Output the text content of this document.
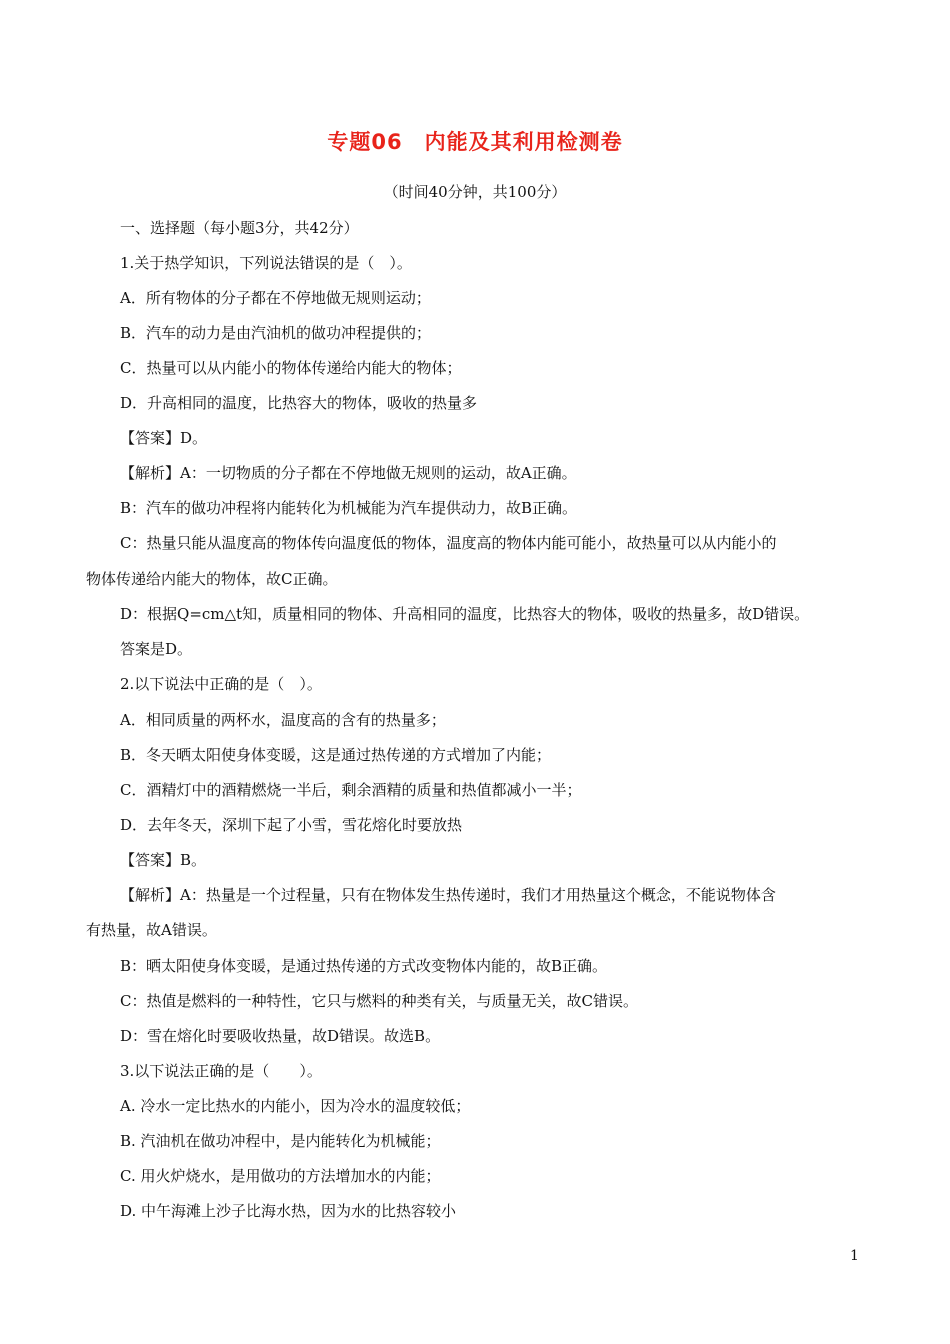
专题06　内能及其利用检测卷
（时间40分钟，共100分）
一、选择题（每小题3分，共42分）
1.关于热学知识，下列说法错误的是（　）。
A．所有物体的分子都在不停地做无规则运动；
B．汽车的动力是由汽油机的做功冲程提供的；
C．热量可以从内能小的物体传递给内能大的物体；
D．升高相同的温度，比热容大的物体，吸收的热量多
【答案】D。
【解析】A：一切物质的分子都在不停地做无规则的运动，故A正确。
B：汽车的做功冲程将内能转化为机械能为汽车提供动力，故B正确。
C：热量只能从温度高的物体传向温度低的物体，温度高的物体内能可能小，故热量可以从内能小的
物体传递给内能大的物体，故C正确。
D：根据Q=cm△t知，质量相同的物体、升高相同的温度，比热容大的物体，吸收的热量多，故D错误。
答案是D。
2.以下说法中正确的是（　）。
A．相同质量的两杯水，温度高的含有的热量多；
B．冬天晒太阳使身体变暖，这是通过热传递的方式增加了内能；
C．酒精灯中的酒精燃烧一半后，剩余酒精的质量和热值都减小一半；
D．去年冬天，深圳下起了小雪，雪花熔化时要放热
【答案】B。
【解析】A：热量是一个过程量，只有在物体发生热传递时，我们才用热量这个概念，不能说物体含
有热量，故A错误。
B：晒太阳使身体变暖，是通过热传递的方式改变物体内能的，故B正确。
C：热值是燃料的一种特性，它只与燃料的种类有关，与质量无关，故C错误。
D：雪在熔化时要吸收热量，故D错误。故选B。
3.以下说法正确的是（　　）。
A. 冷水一定比热水的内能小，因为冷水的温度较低；
B. 汽油机在做功冲程中，是内能转化为机械能；
C. 用火炉烧水，是用做功的方法增加水的内能；
D. 中午海滩上沙子比海水热，因为水的比热容较小
1
